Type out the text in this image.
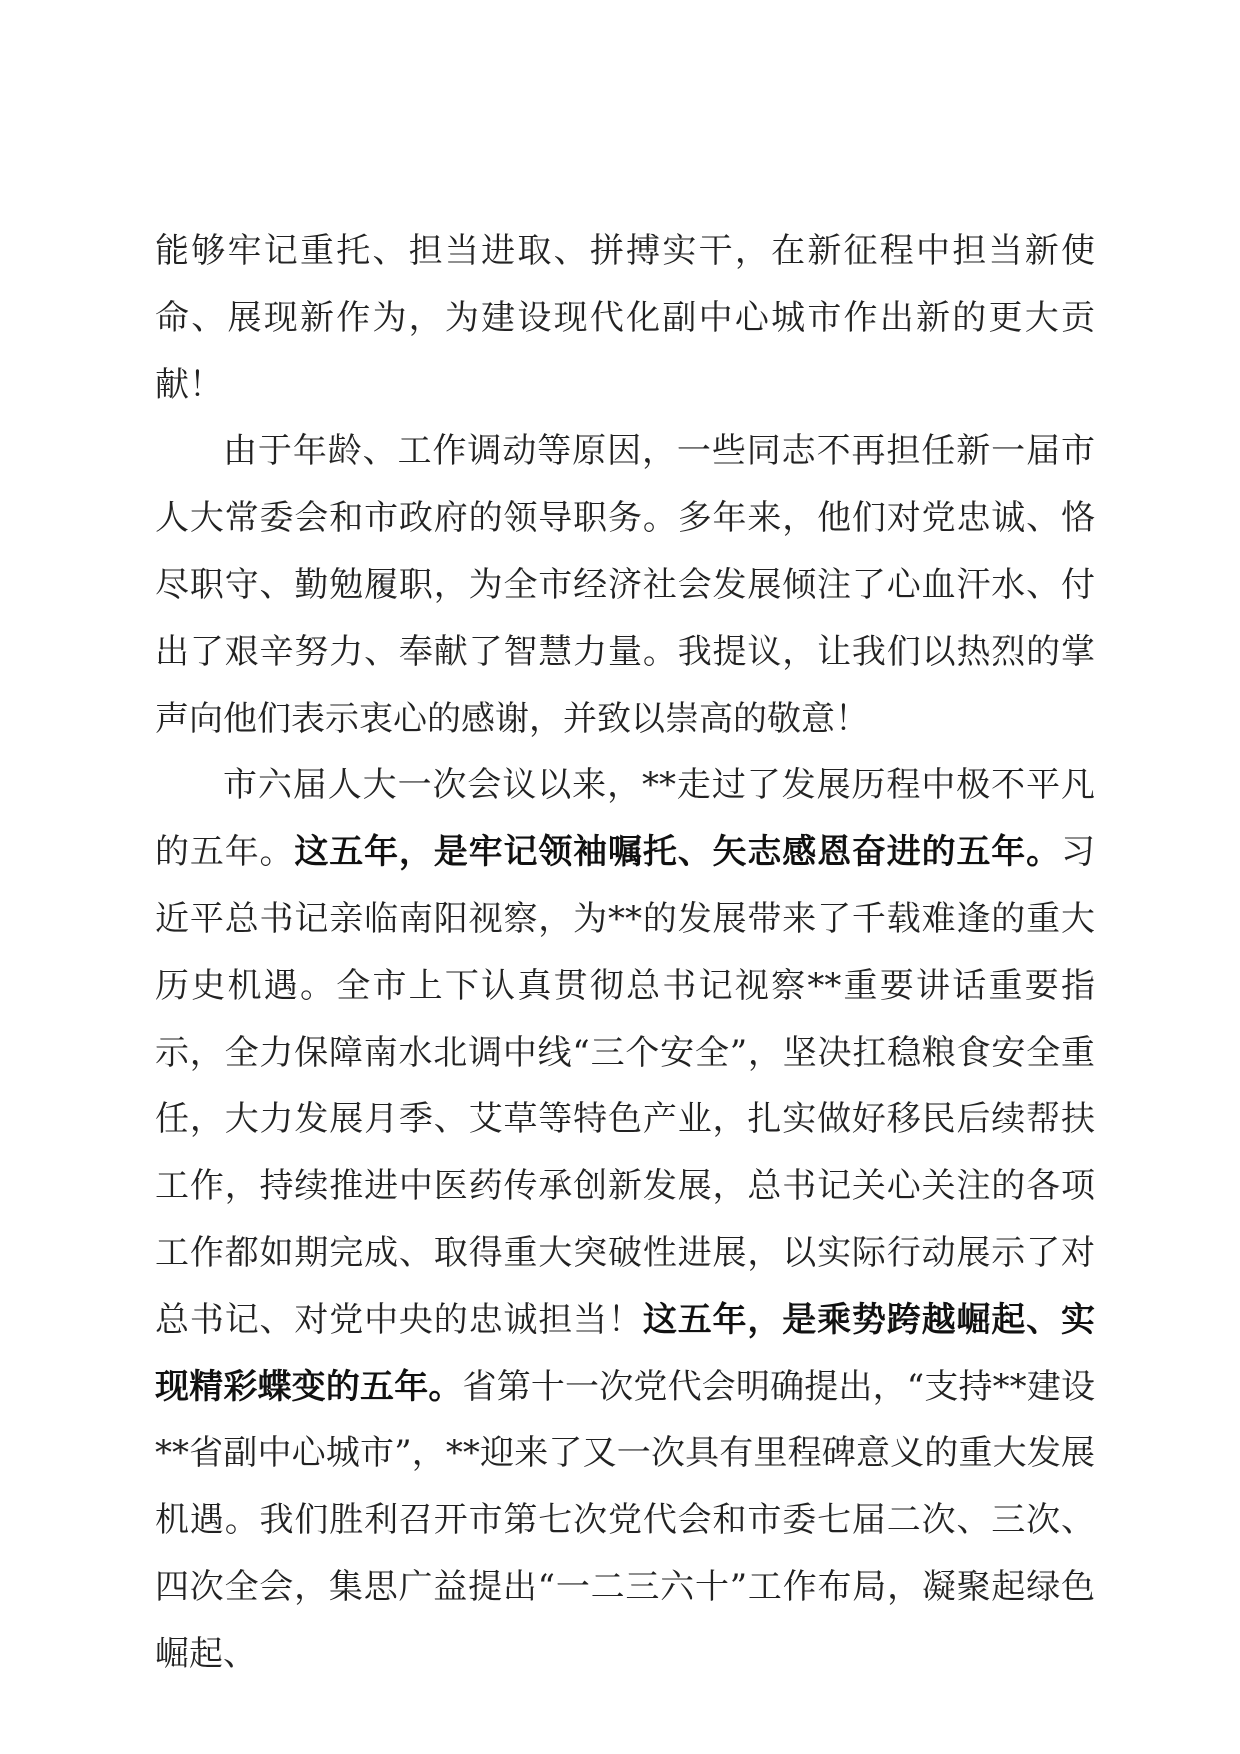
能够牢记重托、担当进取、拼搏实干，在新征程中担当新使命、展现新作为，为建设现代化副中心城市作出新的更大贡献！

由于年龄、工作调动等原因，一些同志不再担任新一届市人大常委会和市政府的领导职务。多年来，他们对党忠诚、恪尽职守、勤勉履职，为全市经济社会发展倾注了心血汗水、付出了艰辛努力、奉献了智慧力量。我提议，让我们以热烈的掌声向他们表示衷心的感谢，并致以崇高的敬意！

市六届人大一次会议以来，**走过了发展历程中极不平凡的五年。这五年，是牢记领袖嘱托、矢志感恩奋进的五年。习近平总书记亲临南阳视察，为**的发展带来了千载难逢的重大历史机遇。全市上下认真贯彻总书记视察**重要讲话重要指示，全力保障南水北调中线“三个安全”，坚决扛稳粮食安全重任，大力发展月季、艾草等特色产业，扎实做好移民后续帮扶工作，持续推进中医药传承创新发展，总书记关心关注的各项工作都如期完成、取得重大突破性进展，以实际行动展示了对总书记、对党中央的忠诚担当！这五年，是乘势跨越崛起、实现精彩蝶变的五年。省第十一次党代会明确提出，“支持**建设**省副中心城市”，**迎来了又一次具有里程碑意义的重大发展机遇。我们胜利召开市第七次党代会和市委七届二次、三次、四次全会，集思广益提出“一二三六十”工作布局，凝聚起绿色崛起、
